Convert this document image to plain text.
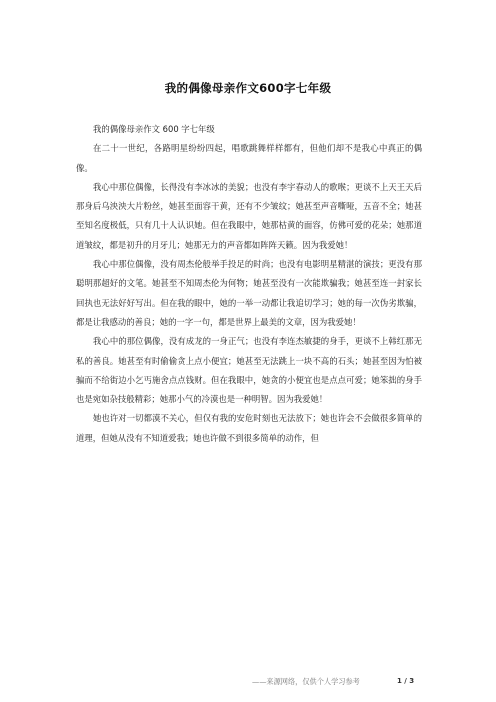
我的偶像母亲作文600字七年级

我的偶像母亲作文 600 字七年级

在二十一世纪，各路明星纷纷四起，唱歌跳舞样样都有，但他们却不是我心中真正的偶像。

我心中那位偶像，长得没有李冰冰的美貌；也没有李宇春动人的歌喉；更谈不上天王天后那身后乌泱泱大片粉丝，她甚至面容干黄，还有不少皱纹；她甚至声音嘶哑，五音不全；她甚至知名度极低，只有几十人认识她。但在我眼中，她那枯黄的面容，仿佛可爱的花朵；她那道道皱纹，都是初升的月牙儿；她那无力的声音都如阵阵天籁。因为我爱她！

我心中那位偶像，没有周杰伦般举手投足的时尚；也没有电影明星精湛的演技；更没有那聪明那超好的文笔。她甚至不知周杰伦为何物；她甚至没有一次能欺骗我；她甚至连一封家长回执也无法好好写出。但在我的眼中，她的一举一动都让我追切学习；她的每一次伪劣欺骗，都是让我感动的善良；她的一字一句，都是世界上最美的文章，因为我爱她！

我心中的那位偶像，没有成龙的一身正气；也没有李连杰敏捷的身手，更谈不上韩红那无私的善良。她甚至有时偷偷贪上点小便宜；她甚至无法跳上一块不高的石头；她甚至因为怕被骗而不给街边小乞丐施舍点点钱财。但在我眼中，她贪的小便宜也是点点可爱；她笨拙的身手也是宛如杂技般精彩；她那小气的冷漠也是一种明智。因为我爱她！

她也许对一切都漠不关心，但仅有我的安危时刻也无法放下；她也许会不会做很多简单的道理，但她从没有不知道爱我；她也许做不到很多简单的动作，但

——来源网络，仅供个人学习参考	1 / 3
